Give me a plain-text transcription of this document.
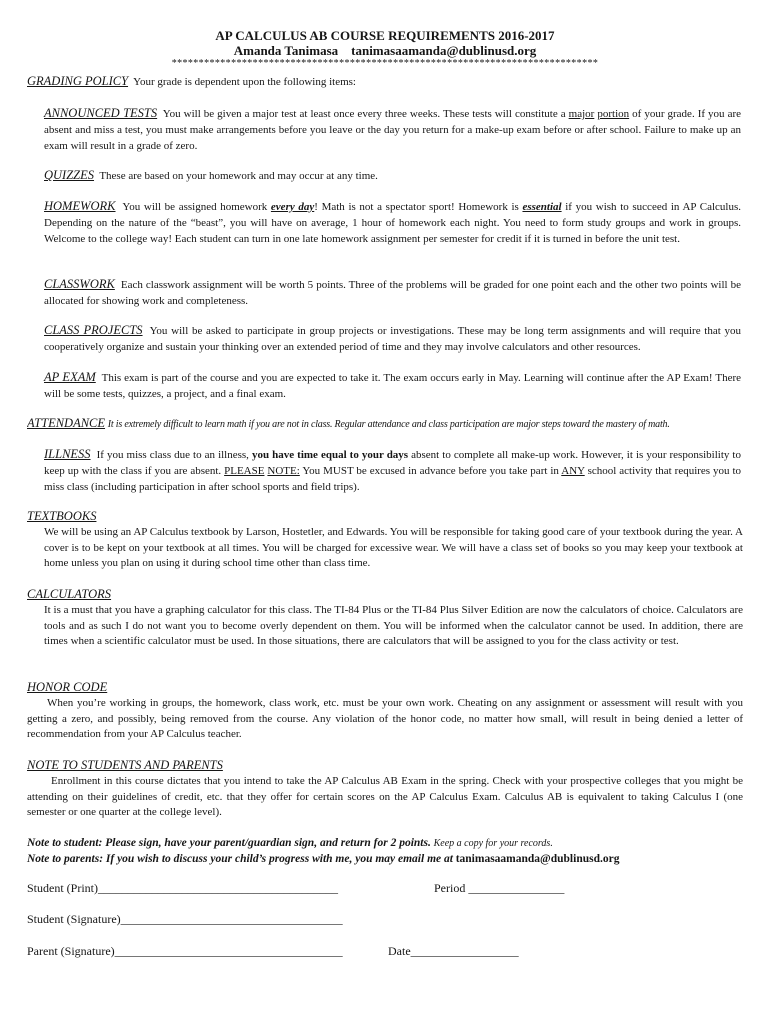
AP CALCULUS AB COURSE REQUIREMENTS 2016-2017
Amanda Tanimasa tanimasaamanda@dublinusd.org
*******************************************************************************

GRADING POLICY Your grade is dependent upon the following items:

ANNOUNCED TESTS You will be given a major test at least once every three weeks. These tests will constitute a major portion of your grade. If you are absent and miss a test, you must make arrangements before you leave or the day you return for a make-up exam before or after school. Failure to make up an exam will result in a grade of zero.

QUIZZES These are based on your homework and may occur at any time.

HOMEWORK You will be assigned homework every day! Math is not a spectator sport! Homework is essential if you wish to succeed in AP Calculus. Depending on the nature of the “beast”, you will have on average, 1 hour of homework each night. You need to form study groups and work in groups. Welcome to the college way! Each student can turn in one late homework assignment per semester for credit if it is turned in before the unit test.

CLASSWORK Each classwork assignment will be worth 5 points. Three of the problems will be graded for one point each and the other two points will be allocated for showing work and completeness.

CLASS PROJECTS You will be asked to participate in group projects or investigations. These may be long term assignments and will require that you cooperatively organize and sustain your thinking over an extended period of time and they may involve calculators and other resources.

AP EXAM This exam is part of the course and you are expected to take it. The exam occurs early in May. Learning will continue after the AP Exam! There will be some tests, quizzes, a project, and a final exam.

ATTENDANCE It is extremely difficult to learn math if you are not in class. Regular attendance and class participation are major steps toward the mastery of math.

ILLNESS If you miss class due to an illness, you have time equal to your days absent to complete all make-up work. However, it is your responsibility to keep up with the class if you are absent. PLEASE NOTE: You MUST be excused in advance before you take part in ANY school activity that requires you to miss class (including participation in after school sports and field trips).

TEXTBOOKS
We will be using an AP Calculus textbook by Larson, Hostetler, and Edwards. You will be responsible for taking good care of your textbook during the year. A cover is to be kept on your textbook at all times. You will be charged for excessive wear. We will have a class set of books so you may keep your textbook at home unless you plan on using it during school time other than class time.
CALCULATORS
It is a must that you have a graphing calculator for this class. The TI-84 Plus or the TI-84 Plus Silver Edition are now the calculators of choice. Calculators are tools and as such I do not want you to become overly dependent on them. You will be informed when the calculator cannot be used. In addition, there are times when a scientific calculator must be used. In those situations, there are calculators that will be assigned to you for the class activity or test.
HONOR CODE
When you’re working in groups, the homework, class work, etc. must be your own work. Cheating on any assignment or assessment will result with you getting a zero, and possibly, being removed from the course. Any violation of the honor code, no matter how small, will result in being denied a letter of recommendation from your AP Calculus teacher.
NOTE TO STUDENTS AND PARENTS
Enrollment in this course dictates that you intend to take the AP Calculus AB Exam in the spring. Check with your prospective colleges that you might be attending on their guidelines of credit, etc. that they offer for certain scores on the AP Calculus Exam. Calculus AB is equivalent to taking Calculus I (one semester or one quarter at the college level).
Note to student: Please sign, have your parent/guardian sign, and return for 2 points. Keep a copy for your records.
Note to parents: If you wish to discuss your child’s progress with me, you may email me at tanimasaamanda@dublinusd.org
Student (Print)________________________________________	Period ________________
Student (Signature)_____________________________________
Parent (Signature)______________________________________	Date__________________
